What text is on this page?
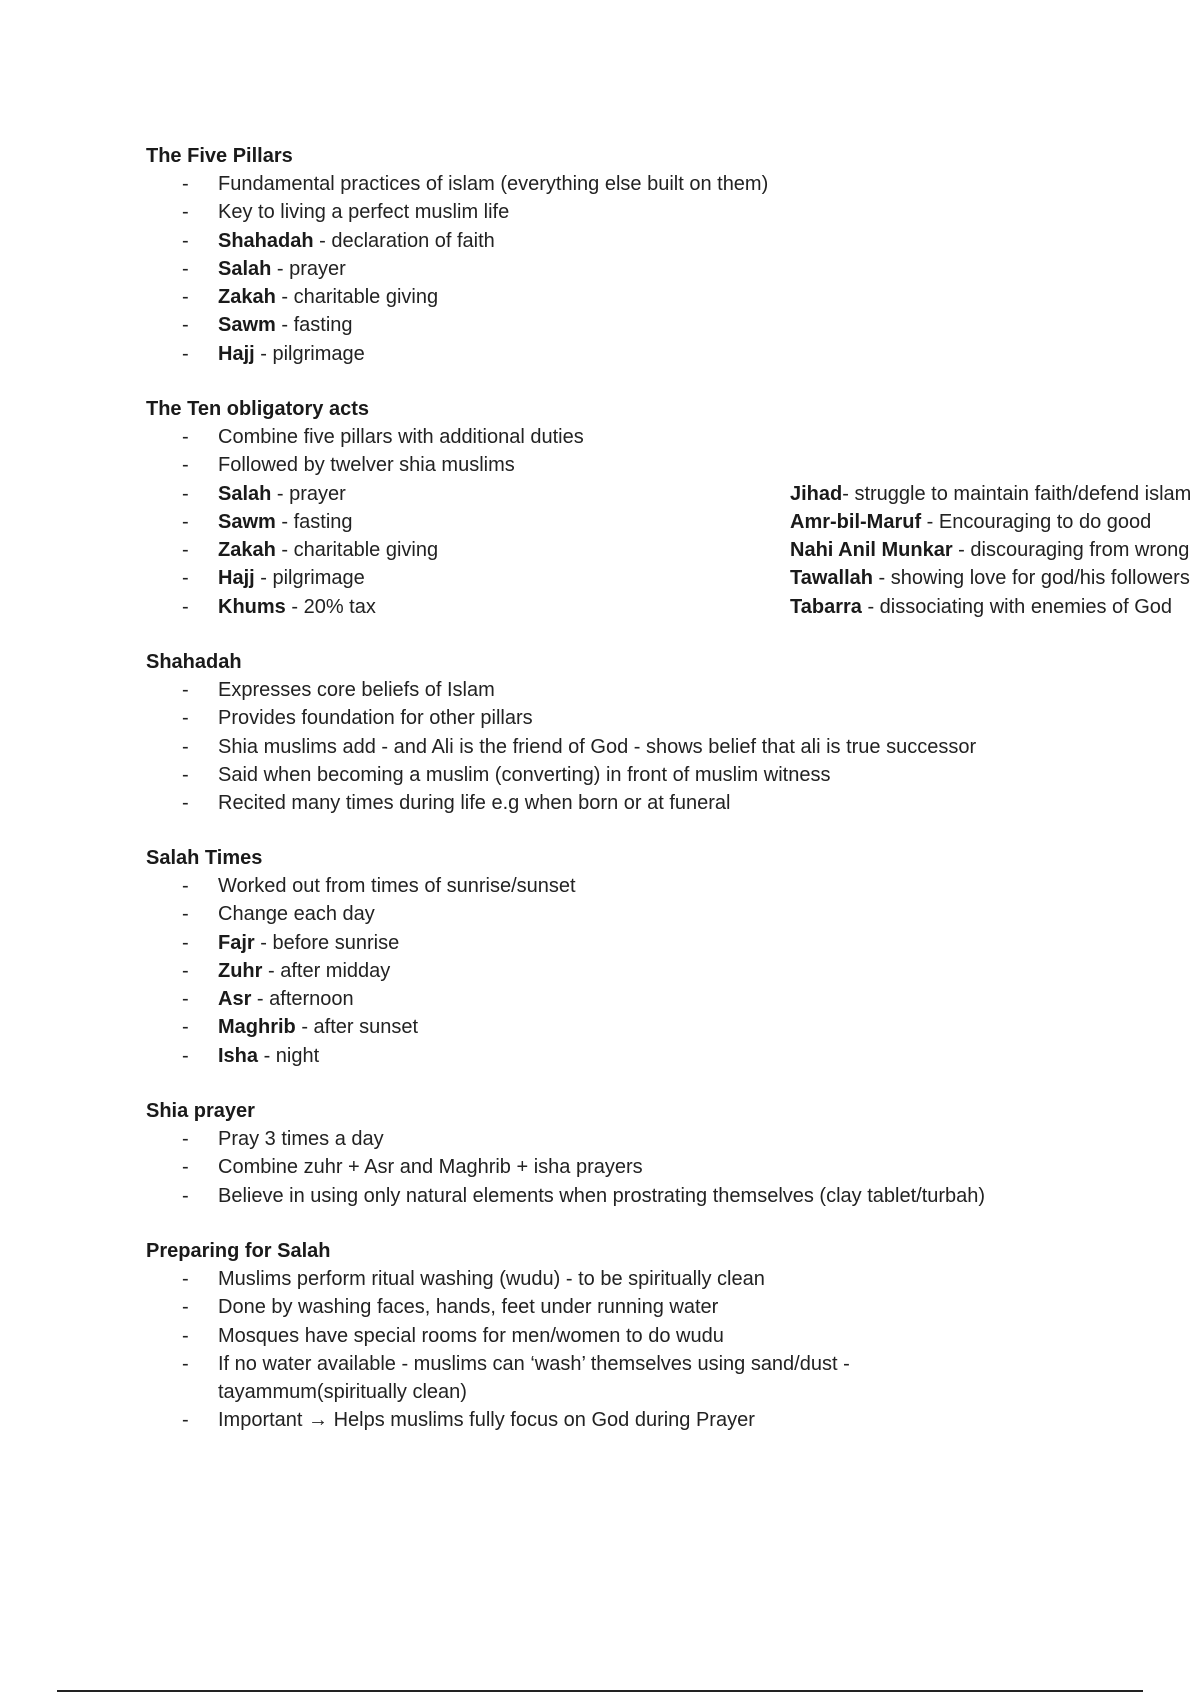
The Five Pillars
- Fundamental practices of islam (everything else built on them)
- Key to living a perfect muslim life
- Shahadah - declaration of faith
- Salah - prayer
- Zakah - charitable giving
- Sawm - fasting
- Hajj - pilgrimage
The Ten obligatory acts
- Combine five pillars with additional duties
- Followed by twelver shia muslims
- Salah - prayer
- Sawm - fasting
- Zakah - charitable giving
- Hajj - pilgrimage
- Khums - 20% tax
Jihad- struggle to maintain faith/defend islam
Amr-bil-Maruf - Encouraging to do good
Nahi Anil Munkar - discouraging from wrong
Tawallah - showing love for god/his followers
Tabarra - dissociating with enemies of God
Shahadah
- Expresses core beliefs of Islam
- Provides foundation for other pillars
- Shia muslims add - and Ali is the friend of God - shows belief that ali is true successor
- Said when becoming a muslim (converting) in front of muslim witness
- Recited many times during life e.g when born or at funeral
Salah Times
- Worked out from times of sunrise/sunset
- Change each day
- Fajr - before sunrise
- Zuhr - after midday
- Asr - afternoon
- Maghrib - after sunset
- Isha - night
Shia prayer
- Pray 3 times a day
- Combine zuhr + Asr and Maghrib + isha prayers
- Believe in using only natural elements when prostrating themselves (clay tablet/turbah)
Preparing for Salah
- Muslims perform ritual washing (wudu) - to be spiritually clean
- Done by washing faces, hands, feet under running water
- Mosques have special rooms for men/women to do wudu
- If no water available - muslims can ‘wash’ themselves using sand/dust - tayammum(spiritually clean)
- Important → Helps muslims fully focus on God during Prayer
